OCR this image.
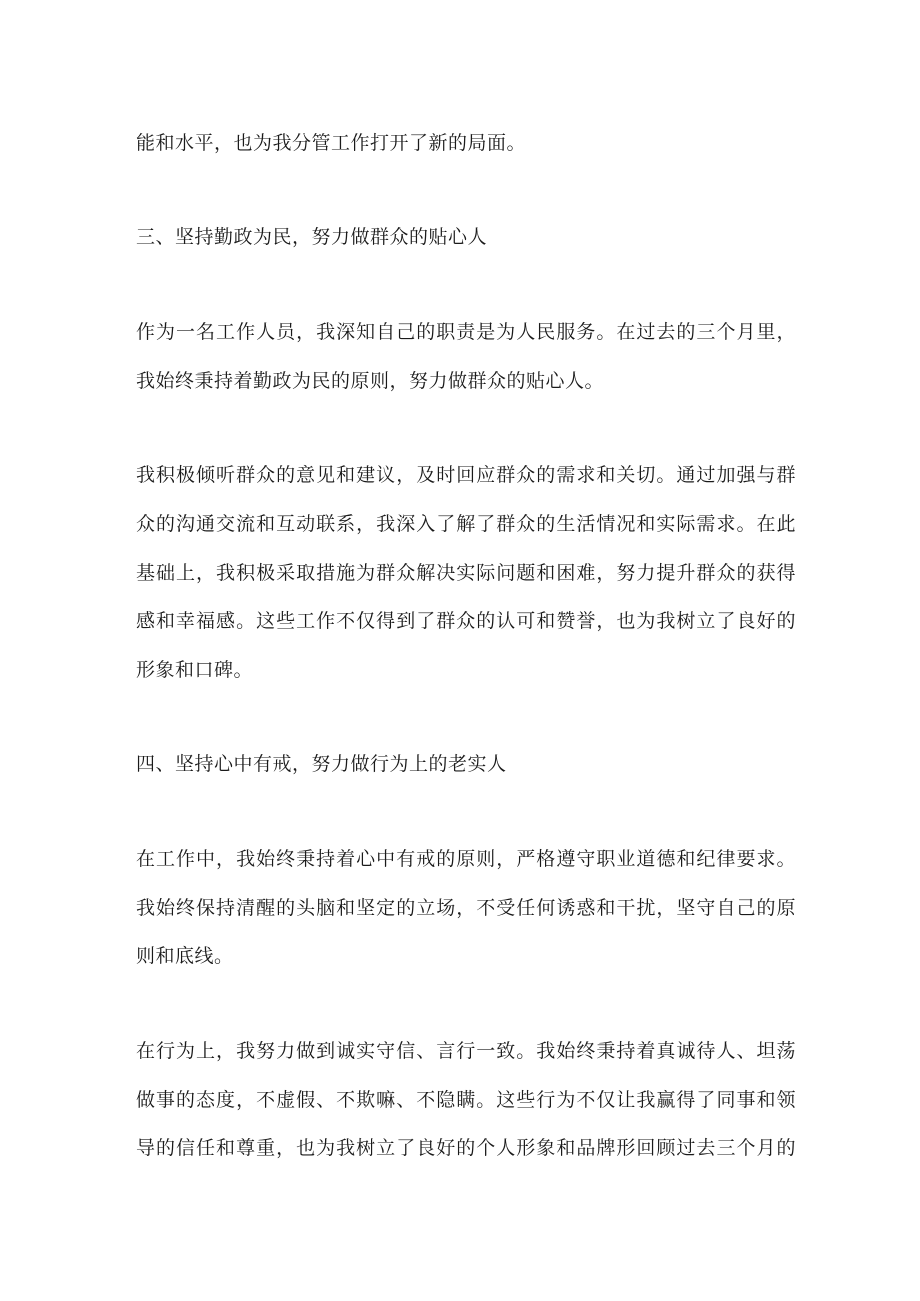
能和水平，也为我分管工作打开了新的局面。
三、坚持勤政为民，努力做群众的贴心人
作为一名工作人员，我深知自己的职责是为人民服务。在过去的三个月里，
我始终秉持着勤政为民的原则，努力做群众的贴心人。
我积极倾听群众的意见和建议，及时回应群众的需求和关切。通过加强与群
众的沟通交流和互动联系，我深入了解了群众的生活情况和实际需求。在此
基础上，我积极采取措施为群众解决实际问题和困难，努力提升群众的获得
感和幸福感。这些工作不仅得到了群众的认可和赞誉，也为我树立了良好的
形象和口碑。
四、坚持心中有戒，努力做行为上的老实人
在工作中，我始终秉持着心中有戒的原则，严格遵守职业道德和纪律要求。
我始终保持清醒的头脑和坚定的立场，不受任何诱惑和干扰，坚守自己的原
则和底线。
在行为上，我努力做到诚实守信、言行一致。我始终秉持着真诚待人、坦荡
做事的态度，不虚假、不欺嘛、不隐瞒。这些行为不仅让我赢得了同事和领
导的信任和尊重，也为我树立了良好的个人形象和品牌形回顾过去三个月的
